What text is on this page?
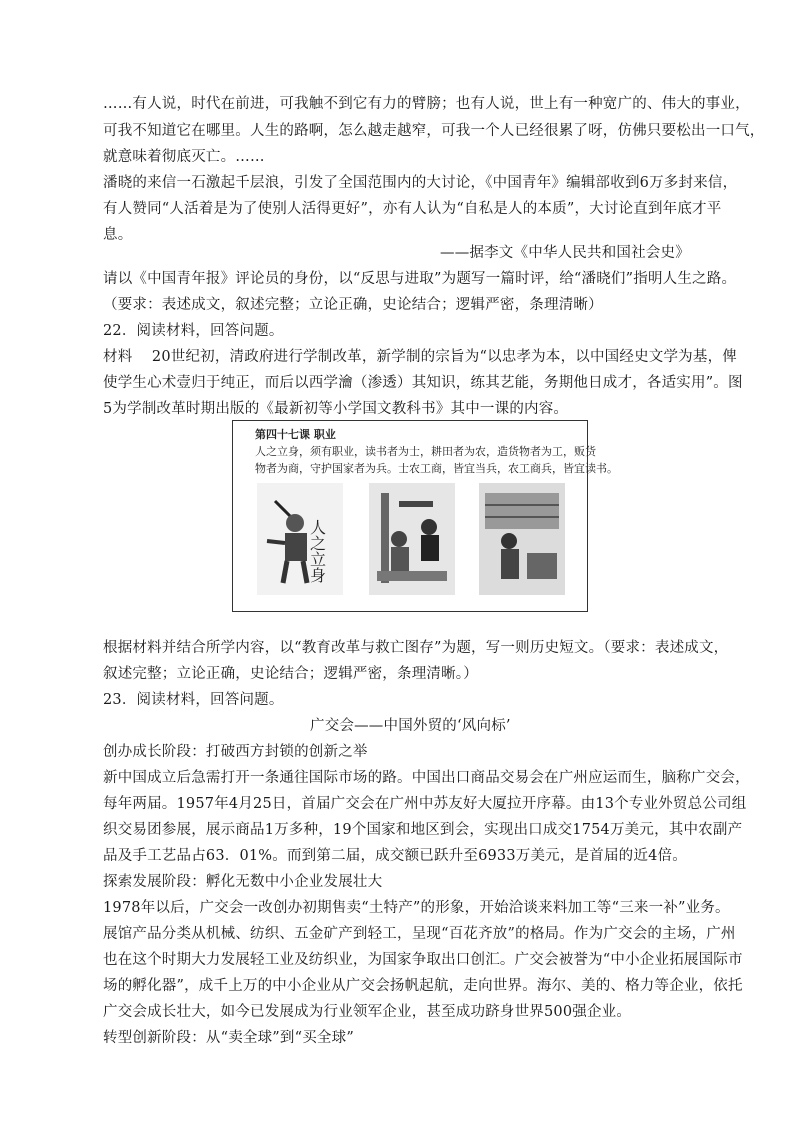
……有人说，时代在前进，可我触不到它有力的臂膀；也有人说，世上有一种宽广的、伟大的事业，
可我不知道它在哪里。人生的路啊，怎么越走越窄，可我一个人已经很累了呀，仿佛只要松出一口气，
就意味着彻底灭亡。……
潘晓的来信一石激起千层浪，引发了全国范围内的大讨论，《中国青年》编辑部收到6万多封来信，
有人赞同“人活着是为了使别人活得更好”，亦有人认为“自私是人的本质”，大讨论直到年底才平
息。
——据李文《中华人民共和国社会史》
请以《中国青年报》评论员的身份，以“反思与进取”为题写一篇时评，给“潘晓们”指明人生之路。
（要求：表述成文，叙述完整；立论正确，史论结合；逻辑严密，条理清晰）
22．阅读材料，回答问题。
材料　 20世纪初，清政府进行学制改革，新学制的宗旨为“以忠孝为本，以中国经史文学为基，俾
使学生心术壹归于纯正，而后以西学瀹（渗透）其知识，练其艺能，务期他日成才，各适实用”。图
5为学制改革时期出版的《最新初等小学国文教科书》其中一课的内容。
第四十七课 职业
人之立身，须有职业，读书者为士，耕田者为农，造货物者为工，贩货
物者为商，守护国家者为兵。士农工商，皆宜当兵，农工商兵，皆宜读书。
人之立身
根据材料并结合所学内容，以“教育改革与救亡图存”为题，写一则历史短文。（要求：表述成文，
叙述完整；立论正确，史论结合；逻辑严密，条理清晰。）
23．阅读材料，回答问题。
广交会——中国外贸的‘风向标’
创办成长阶段：打破西方封锁的创新之举
新中国成立后急需打开一条通往国际市场的路。中国出口商品交易会在广州应运而生，脑称广交会，
每年两届。1957年4月25日，首届广交会在广州中苏友好大厦拉开序幕。由13个专业外贸总公司组
织交易团参展，展示商品1万多种，19个国家和地区到会，实现出口成交1754万美元，其中农副产
品及手工艺品占63．01%。而到第二届，成交额已跃升至6933万美元，是首届的近4倍。
探索发展阶段：孵化无数中小企业发展壮大
1978年以后，广交会一改创办初期售卖“土特产”的形象，开始洽谈来料加工等“三来一补”业务。
展馆产品分类从机械、纺织、五金矿产到轻工，呈现“百花齐放”的格局。作为广交会的主场，广州
也在这个时期大力发展轻工业及纺织业，为国家争取出口创汇。广交会被誉为“中小企业拓展国际市
场的孵化器”，成千上万的中小企业从广交会扬帆起航，走向世界。海尔、美的、格力等企业，依托
广交会成长壮大，如今已发展成为行业领军企业，甚至成功跻身世界500强企业。
转型创新阶段：从“卖全球”到“买全球”
